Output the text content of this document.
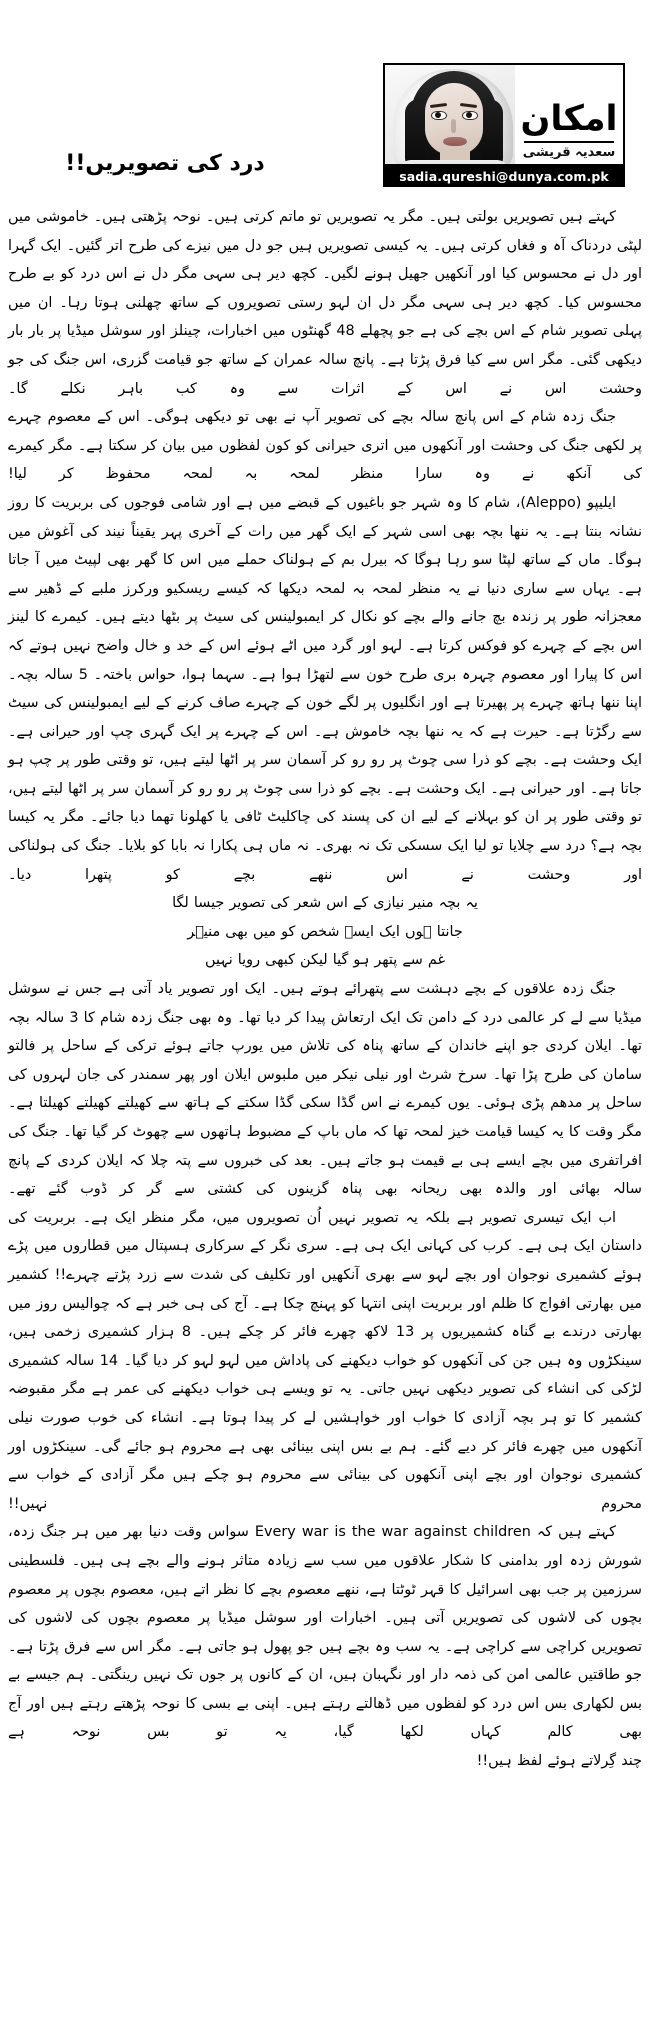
امکان
سعدیہ قریشی
sadia.qureshi@dunya.com.pk
درد کی تصویریں!!

کہتے ہیں تصویریں بولتی ہیں۔ مگر یہ تصویریں تو ماتم کرتی ہیں۔ نوحہ پڑھتی ہیں۔ خاموشی میں لپٹی دردناک آہ و فغاں کرتی ہیں۔ یہ کیسی تصویریں ہیں جو دل میں نیزے کی طرح اتر گئیں۔ ایک گہرا اور دل نے محسوس کیا اور آنکھیں جھیل ہونے لگیں۔ کچھ دیر ہی سہی مگر دل نے اس درد کو بے طرح محسوس کیا۔ کچھ دیر ہی سہی مگر دل ان لہو رستی تصویروں کے ساتھ چھلنی ہوتا رہا۔ ان میں پہلی تصویر شام کے اس بچے کی ہے جو پچھلے 48 گھنٹوں میں اخبارات، چینلز اور سوشل میڈیا پر بار بار دیکھی گئی۔ مگر اس سے کیا فرق پڑتا ہے۔ پانچ سالہ عمران کے ساتھ جو قیامت گزری، اس جنگ کی جو وحشت اس نے اس کے اثرات سے وہ کب باہر نکلے گا۔

جنگ زدہ شام کے اس پانچ سالہ بچے کی تصویر آپ نے بھی تو دیکھی ہوگی۔ اس کے معصوم چہرے پر لکھی جنگ کی وحشت اور آنکھوں میں اتری حیرانی کو کون لفظوں میں بیان کر سکتا ہے۔ مگر کیمرے کی آنکھ نے وہ سارا منظر لمحہ بہ لمحہ محفوظ کر لیا!

ایلیپو (Aleppo)، شام کا وہ شہر جو باغیوں کے قبضے میں ہے اور شامی فوجوں کی بربریت کا روز نشانہ بنتا ہے۔ یہ ننھا بچہ بھی اسی شہر کے ایک گھر میں رات کے آخری پہر یقیناً نیند کی آغوش میں ہوگا۔ ماں کے ساتھ لپٹا سو رہا ہوگا کہ بیرل بم کے ہولناک حملے میں اس کا گھر بھی لپیٹ میں آ جاتا ہے۔ یہاں سے ساری دنیا نے یہ منظر لمحہ بہ لمحہ دیکھا کہ کیسے ریسکیو ورکرز ملبے کے ڈھیر سے معجزانہ طور پر زندہ بچ جانے والے بچے کو نکال کر ایمبولینس کی سیٹ پر بٹھا دیتے ہیں۔ کیمرے کا لینز اس بچے کے چہرے کو فوکس کرتا ہے۔ لہو اور گرد میں اٹے ہوئے اس کے خد و خال واضح نہیں ہوتے کہ اس کا پیارا اور معصوم چہرہ بری طرح خون سے لتھڑا ہوا ہے۔ سہما ہوا، حواس باختہ۔ 5 سالہ بچہ۔ اپنا ننھا ہاتھ چہرے پر پھیرتا ہے اور انگلیوں پر لگے خون کے چہرے صاف کرنے کے لیے ایمبولینس کی سیٹ سے رگڑتا ہے۔ حیرت ہے کہ یہ ننھا بچہ خاموش ہے۔ اس کے چہرے پر ایک گہری چپ اور حیرانی ہے۔ ایک وحشت ہے۔ بچے کو ذرا سی چوٹ پر رو رو کر آسمان سر پر اٹھا لیتے ہیں، تو وقتی طور پر چپ ہو جاتا ہے۔ اور حیرانی ہے۔ ایک وحشت ہے۔ بچے کو ذرا سی چوٹ پر رو رو کر آسمان سر پر اٹھا لیتے ہیں، تو وقتی طور پر ان کو بہلانے کے لیے ان کی پسند کی چاکلیٹ ٹافی یا کھلونا تھما دیا جائے۔ مگر یہ کیسا بچہ ہے؟ درد سے چلایا تو لیا ایک سسکی تک نہ بھری۔ نہ ماں ہی پکارا نہ بابا کو بلایا۔ جنگ کی ہولناکی اور وحشت نے اس ننھے بچے کو پتھرا دیا۔

یہ بچہ منیر نیازی کے اس شعر کی تصویر جیسا لگا

جانتا ہوں ایک ایسے شخص کو میں بھی منیؔر

غم سے پتھر ہو گیا لیکن کبھی رویا نہیں

جنگ زدہ علاقوں کے بچے دہشت سے پتھرائے ہوتے ہیں۔ ایک اور تصویر یاد آتی ہے جس نے سوشل میڈیا سے لے کر عالمی درد کے دامن تک ایک ارتعاش پیدا کر دیا تھا۔ وہ بھی جنگ زدہ شام کا 3 سالہ بچہ تھا۔ ایلان کردی جو اپنے خاندان کے ساتھ پناہ کی تلاش میں یورپ جاتے ہوئے ترکی کے ساحل پر فالتو سامان کی طرح پڑا تھا۔ سرخ شرٹ اور نیلی نیکر میں ملبوس ایلان اور پھر سمندر کی جان لہروں کی ساحل پر مدھم پڑی ہوئی۔ یوں کیمرے نے اس گڈا سکی گڈا سکتے کے ہاتھ سے کھیلتے کھیلتے کھیلتا ہے۔ مگر وقت کا یہ کیسا قیامت خیز لمحہ تھا کہ ماں باپ کے مضبوط ہاتھوں سے چھوٹ کر گیا تھا۔ جنگ کی افراتفری میں بچے ایسے ہی بے قیمت ہو جاتے ہیں۔ بعد کی خبروں سے پتہ چلا کہ ایلان کردی کے پانچ سالہ بھائی اور والدہ بھی ریحانہ بھی پناہ گزینوں کی کشتی سے گر کر ڈوب گئے تھے۔

اب ایک تیسری تصویر ہے بلکہ یہ تصویر نہیں اُن تصویروں میں، مگر منظر ایک ہے۔ بربریت کی داستان ایک ہی ہے۔ کرب کی کہانی ایک ہی ہے۔ سری نگر کے سرکاری ہسپتال میں قطاروں میں پڑے ہوئے کشمیری نوجوان اور بچے لہو سے بھری آنکھیں اور تکلیف کی شدت سے زرد پڑتے چہرے!! کشمیر میں بھارتی افواج کا ظلم اور بربریت اپنی انتہا کو پہنچ چکا ہے۔ آج کی ہی خبر ہے کہ چوالیس روز میں بھارتی درندے بے گناہ کشمیریوں پر 13 لاکھ چھرے فائر کر چکے ہیں۔ 8 ہزار کشمیری زخمی ہیں، سینکڑوں وہ ہیں جن کی آنکھوں کو خواب دیکھنے کی پاداش میں لہو لہو کر دیا گیا۔ 14 سالہ کشمیری لڑکی کی انشاء کی تصویر دیکھی نہیں جاتی۔ یہ تو ویسے ہی خواب دیکھنے کی عمر ہے مگر مقبوضہ کشمیر کا تو ہر بچہ آزادی کا خواب اور خواہشیں لے کر پیدا ہوتا ہے۔ انشاء کی خوب صورت نیلی آنکھوں میں چھرے فائر کر دیے گئے۔ ہم بے بس اپنی بینائی بھی ہے محروم ہو جائے گی۔ سینکڑوں اور کشمیری نوجوان اور بچے اپنی آنکھوں کی بینائی سے محروم ہو چکے ہیں مگر آزادی کے خواب سے محروم نہیں!!

کہتے ہیں کہ Every war is the war against children سواس وقت دنیا بھر میں ہر جنگ زدہ، شورش زدہ اور بدامنی کا شکار علاقوں میں سب سے زیادہ متاثر ہونے والے بچے ہی ہیں۔ فلسطینی سرزمین پر جب بھی اسرائیل کا قہر ٹوٹتا ہے، ننھے معصوم بچے کا نظر اتے ہیں، معصوم بچوں پر معصوم بچوں کی لاشوں کی تصویریں آتی ہیں۔ اخبارات اور سوشل میڈیا پر معصوم بچوں کی لاشوں کی تصویریں کراچی سے کراچی ہے۔ یہ سب وہ بچے ہیں جو پھول ہو جاتی ہے۔ مگر اس سے فرق پڑتا ہے۔ جو طاقتیں عالمی امن کی ذمہ دار اور نگہبان ہیں، ان کے کانوں پر جوں تک نہیں رینگتی۔ ہم جیسے بے بس لکھاری بس اس درد کو لفظوں میں ڈھالتے رہتے ہیں۔ اپنی بے بسی کا نوحہ پڑھتے رہتے ہیں اور آج بھی کالم کہاں لکھا گیا، یہ تو بس نوحہ ہے

چند گِرلاتے ہوئے لفظ ہیں!!
